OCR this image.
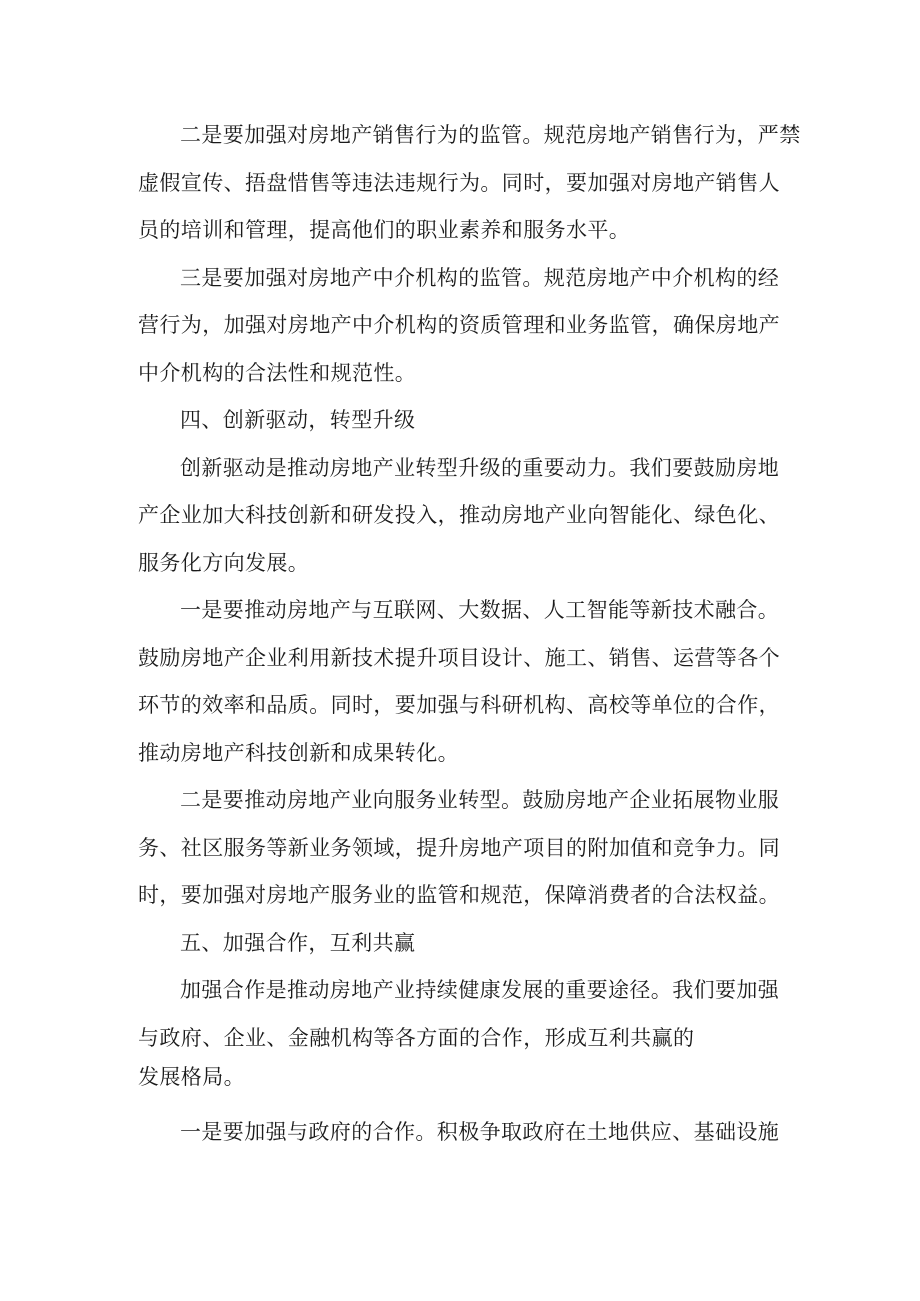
二是要加强对房地产销售行为的监管。规范房地产销售行为，严禁
虚假宣传、捂盘惜售等违法违规行为。同时，要加强对房地产销售人
员的培训和管理，提高他们的职业素养和服务水平。

三是要加强对房地产中介机构的监管。规范房地产中介机构的经
营行为，加强对房地产中介机构的资质管理和业务监管，确保房地产
中介机构的合法性和规范性。

四、创新驱动，转型升级

创新驱动是推动房地产业转型升级的重要动力。我们要鼓励房地
产企业加大科技创新和研发投入，推动房地产业向智能化、绿色化、
服务化方向发展。

一是要推动房地产与互联网、大数据、人工智能等新技术融合。
鼓励房地产企业利用新技术提升项目设计、施工、销售、运营等各个
环节的效率和品质。同时，要加强与科研机构、高校等单位的合作，
推动房地产科技创新和成果转化。

二是要推动房地产业向服务业转型。鼓励房地产企业拓展物业服
务、社区服务等新业务领域，提升房地产项目的附加值和竞争力。同
时，要加强对房地产服务业的监管和规范，保障消费者的合法权益。

五、加强合作，互利共赢

加强合作是推动房地产业持续健康发展的重要途径。我们要加强
与政府、企业、金融机构等各方面的合作，形成互利共赢的
发展格局。

一是要加强与政府的合作。积极争取政府在土地供应、基础设施
